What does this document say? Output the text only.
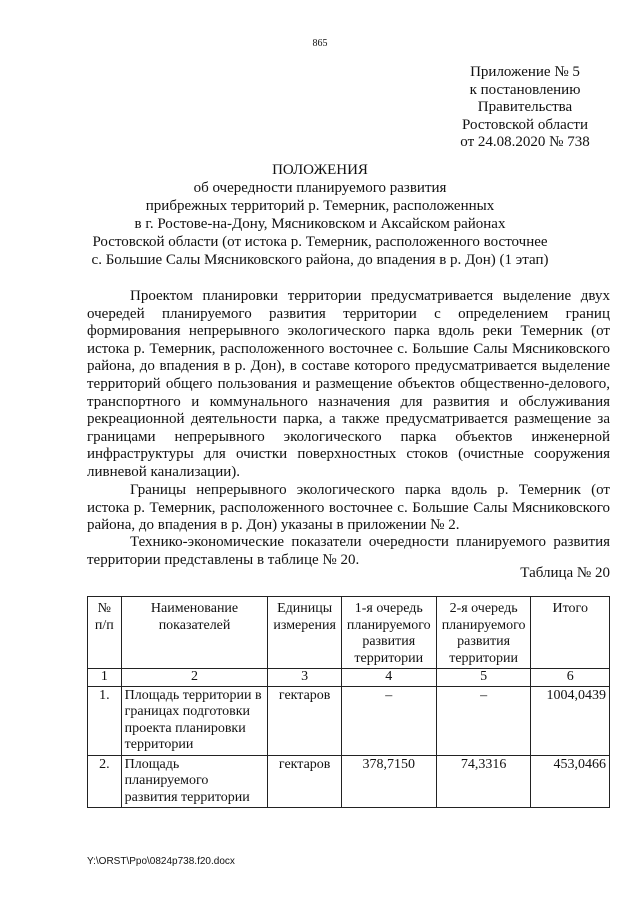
865
Приложение № 5
к постановлению
Правительства
Ростовской области
от 24.08.2020 № 738
ПОЛОЖЕНИЯ
об очередности планируемого развития
прибрежных территорий р. Темерник, расположенных
в г. Ростове-на-Дону, Мясниковском и Аксайском районах
Ростовской области (от истока р. Темерник, расположенного восточнее
с. Большие Салы Мясниковского района, до впадения в р. Дон) (1 этап)

Проектом планировки территории предусматривается выделение двух очередей планируемого развития территории с определением границ формирования непрерывного экологического парка вдоль реки Темерник (от истока р. Темерник, расположенного восточнее с. Большие Салы Мясниковского района, до впадения в р. Дон), в составе которого предусматривается выделение территорий общего пользования и размещение объектов общественно-делового, транспортного и коммунального назначения для развития и обслуживания рекреационной деятельности парка, а также предусматривается размещение за границами непрерывного экологического парка объектов инженерной инфраструктуры для очистки поверхностных стоков (очистные сооружения ливневой канализации).

Границы непрерывного экологического парка вдоль р. Темерник (от истока р. Темерник, расположенного восточнее с. Большие Салы Мясниковского района, до впадения в р. Дон) указаны в приложении № 2.

Технико-экономические показатели очередности планируемого развития территории представлены в таблице № 20.

Таблица № 20
№ п/п	Наименование показателей	Единицы измерения	1-я очередь планируемого развития территории	2-я очередь планируемого развития территории	Итого
1	2	3	4	5	6
1.	Площадь территории в границах подготовки проекта планировки территории	гектаров	–	–	1004,0439
2.	Площадь планируемого развития территории	гектаров	378,7150	74,3316	453,0466
Y:\ORST\Ppo\0824p738.f20.docx
